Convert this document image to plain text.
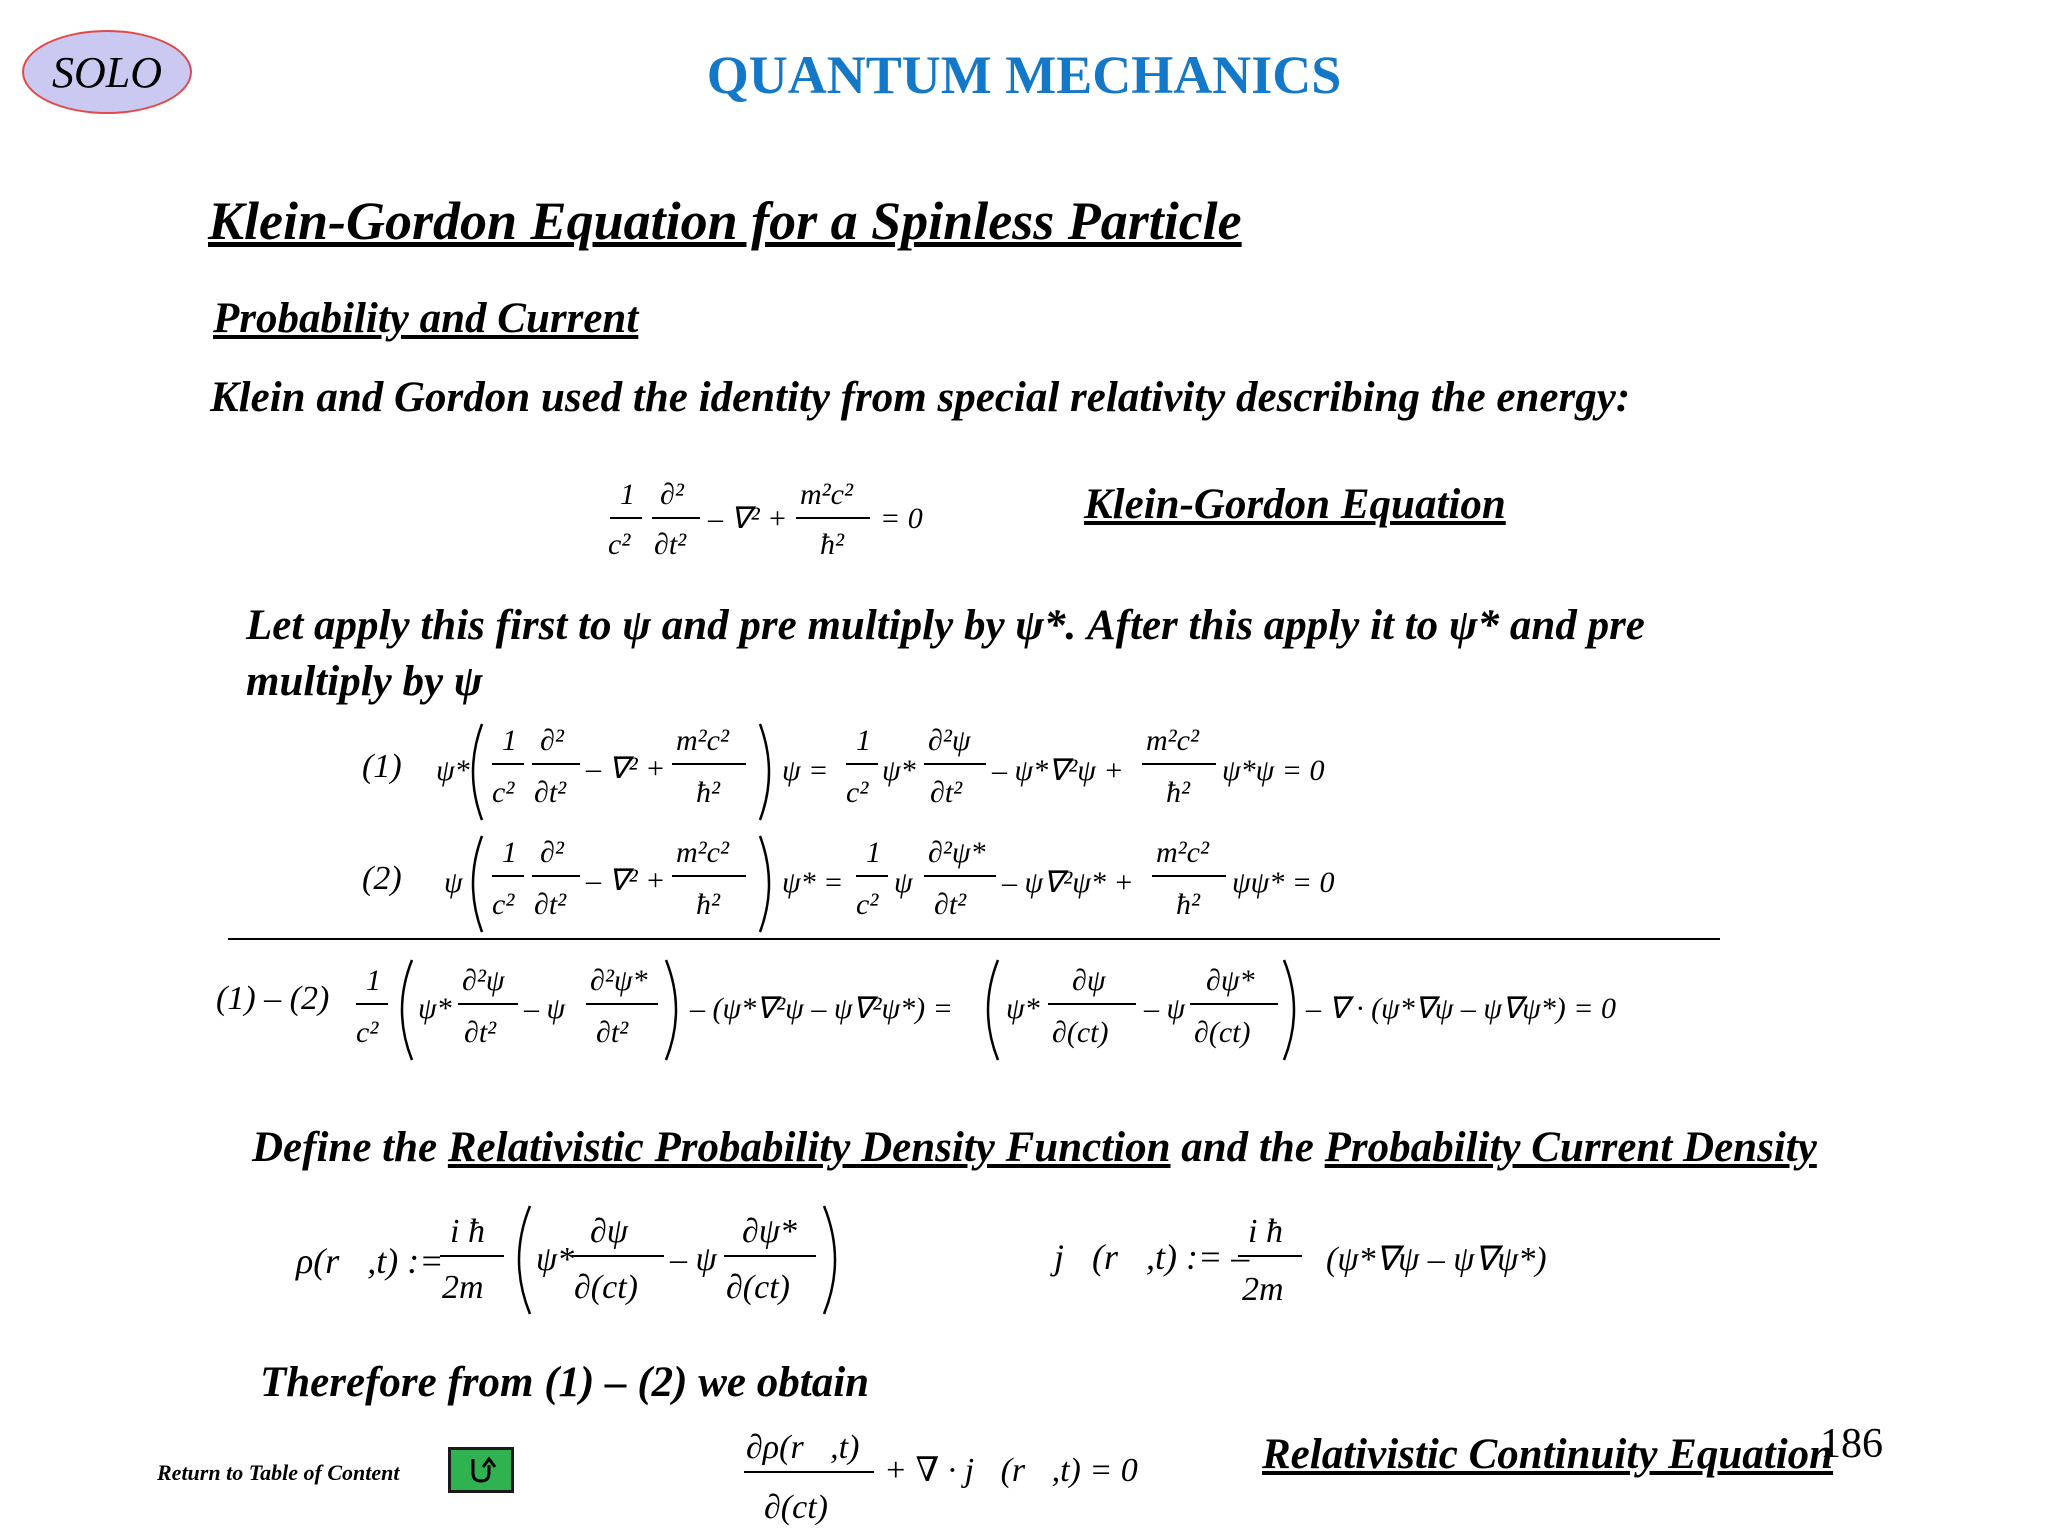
SOLO	QUANTUM MECHANICS
Klein-Gordon Equation for a Spinless Particle
Probability and Current
Klein and Gordon used the identity from special relativity describing the energy:
1
c²
∂²
∂t²
– ∇² +
m²c²
ħ²
= 0	Klein-Gordon Equation
Let apply this first to ψ and pre multiply by ψ*. After this apply it to ψ* and pre multiply by ψ
(1) ψ*
1
c²
∂²
∂t²
– ∇² +
m²c²
ħ²
ψ =
1
c²
ψ*
∂²ψ
∂t²
– ψ*∇²ψ +
m²c²
ħ²
ψ*ψ = 0
(2) ψ
1
c²
∂²
∂t²
– ∇² +
m²c²
ħ²
ψ* =
1
c²
ψ
∂²ψ*
∂t²
– ψ∇²ψ* +
m²c²
ħ²
ψψ* = 0
(1) – (2) 1
c²
ψ*
∂²ψ
∂t²
– ψ
∂²ψ*
∂t²
– (ψ*∇²ψ – ψ∇²ψ*) = ψ*
∂ψ
∂(ct)
– ψ
∂ψ*
∂(ct)
– ∇ · (ψ*∇ψ – ψ∇ψ*) = 0
Define the Relativistic Probability Density Function and the Probability Current Density
ρ(r⃗,t) :=
i ħ
2m
ψ*
∂ψ
∂(ct)
– ψ
∂ψ*
∂(ct)
j⃗(r⃗,t) := –
i ħ
2m
(ψ*∇ψ – ψ∇ψ*)
Therefore from (1) – (2) we obtain
∂ρ(r⃗,t)
∂(ct)
+ ∇ · j⃗(r⃗,t) = 0	Relativistic Continuity Equation
186
Return to Table of Content
